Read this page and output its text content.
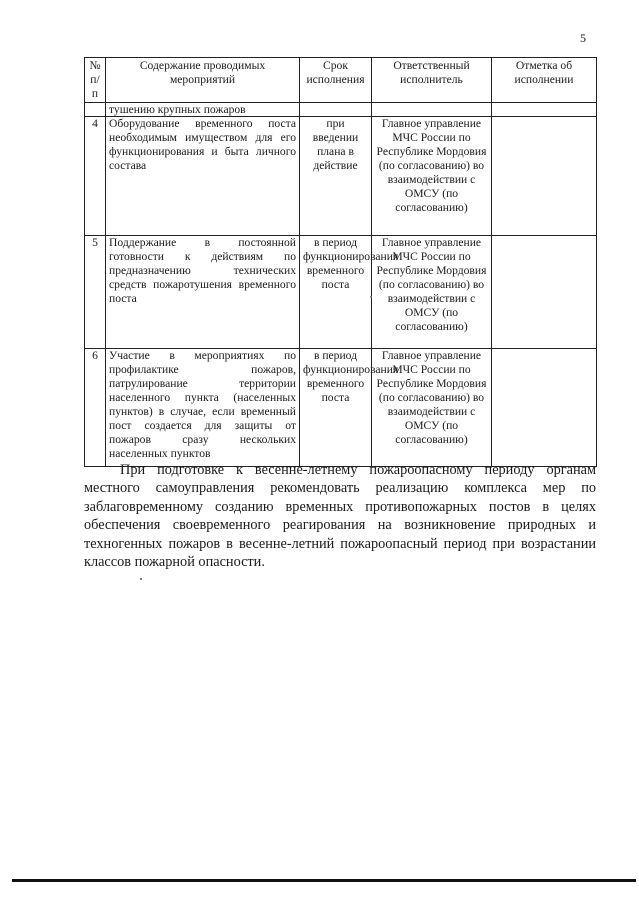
5
№ п/п	Содержание проводимых мероприятий	Срок исполнения	Ответственный исполнитель	Отметка об исполнении
	тушению крупных пожаров			
4	Оборудование временного поста необходимым имуществом для его функционирования и быта личного состава	при введении плана в действие	Главное управление МЧС России по Республике Мордовия (по согласованию) во взаимодействии с ОМСУ (по согласованию)	
5	Поддержание в постоянной готовности к действиям по предназначению технических средств пожаротушения временного поста	в период функционирования временного поста	Главное управление МЧС России по Республике Мордовия (по согласованию) во взаимодействии с ОМСУ (по согласованию)	
6	Участие в мероприятиях по профилактике пожаров, патрулирование территории населенного пункта (населенных пунктов) в случае, если временный пост создается для защиты от пожаров сразу нескольких населенных пунктов	в период функционирования временного поста	Главное управление МЧС России по Республике Мордовия (по согласованию) во взаимодействии с ОМСУ (по согласованию)	

При подготовке к весенне-летнему пожароопасному периоду органам местного самоуправления рекомендовать реализацию комплекса мер по заблаговременному созданию временных противопожарных постов в целях обеспечения своевременного реагирования на возникновение природных и техногенных пожаров в весенне-летний пожароопасный период при возрастании классов пожарной опасности.
